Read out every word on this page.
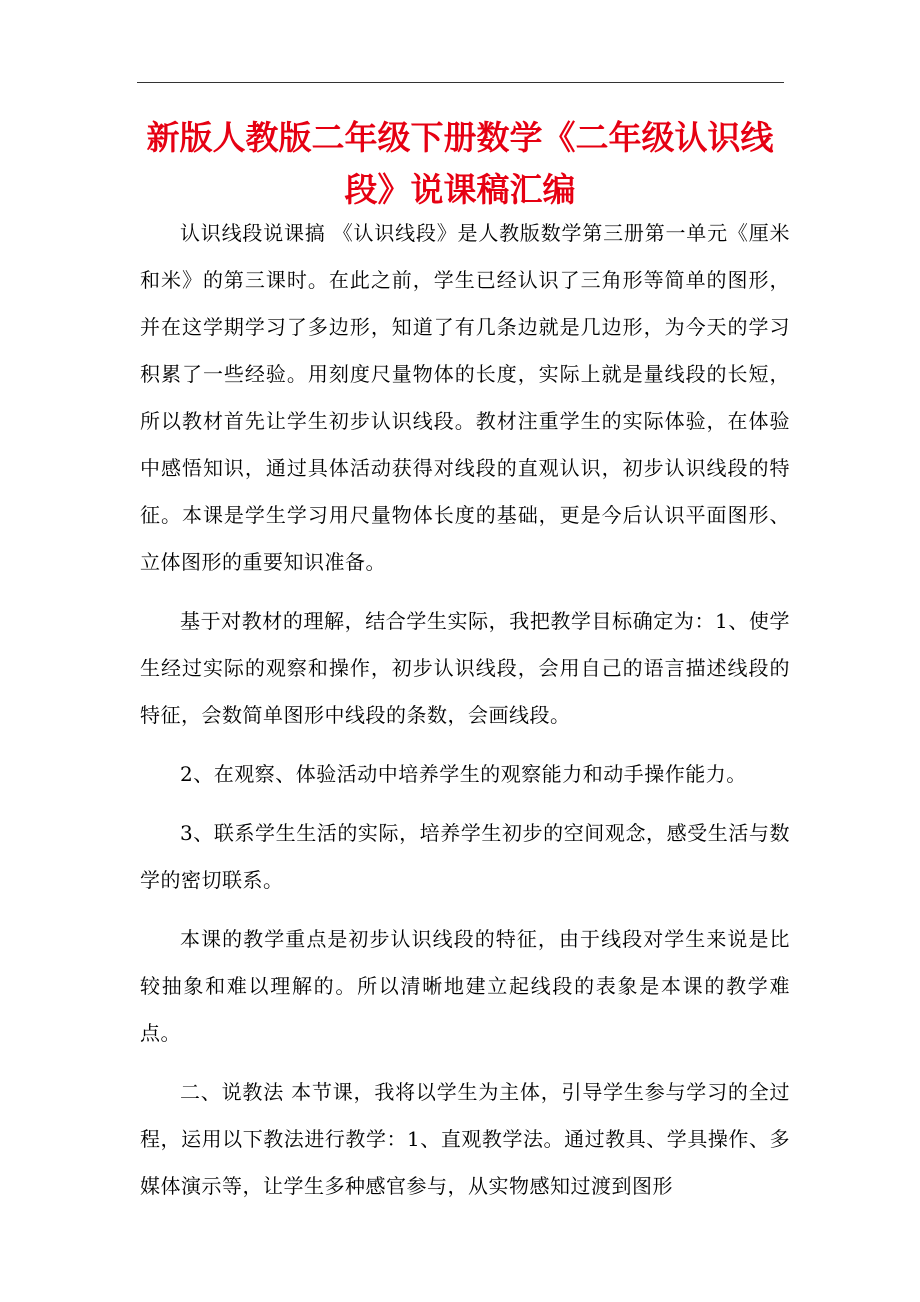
新版人教版二年级下册数学《二年级认识线段》说课稿汇编

认识线段说课搞 《认识线段》是人教版数学第三册第一单元《厘米和米》的第三课时。在此之前，学生已经认识了三角形等简单的图形，并在这学期学习了多边形，知道了有几条边就是几边形，为今天的学习积累了一些经验。用刻度尺量物体的长度，实际上就是量线段的长短，所以教材首先让学生初步认识线段。教材注重学生的实际体验，在体验中感悟知识，通过具体活动获得对线段的直观认识，初步认识线段的特征。本课是学生学习用尺量物体长度的基础，更是今后认识平面图形、立体图形的重要知识准备。

基于对教材的理解，结合学生实际，我把教学目标确定为：1、使学生经过实际的观察和操作，初步认识线段，会用自己的语言描述线段的特征，会数简单图形中线段的条数，会画线段。

2、在观察、体验活动中培养学生的观察能力和动手操作能力。

3、联系学生生活的实际，培养学生初步的空间观念，感受生活与数学的密切联系。

本课的教学重点是初步认识线段的特征，由于线段对学生来说是比较抽象和难以理解的。所以清晰地建立起线段的表象是本课的教学难点。

二、说教法 本节课，我将以学生为主体，引导学生参与学习的全过程，运用以下教法进行教学：1、直观教学法。通过教具、学具操作、多媒体演示等，让学生多种感官参与，从实物感知过渡到图形
